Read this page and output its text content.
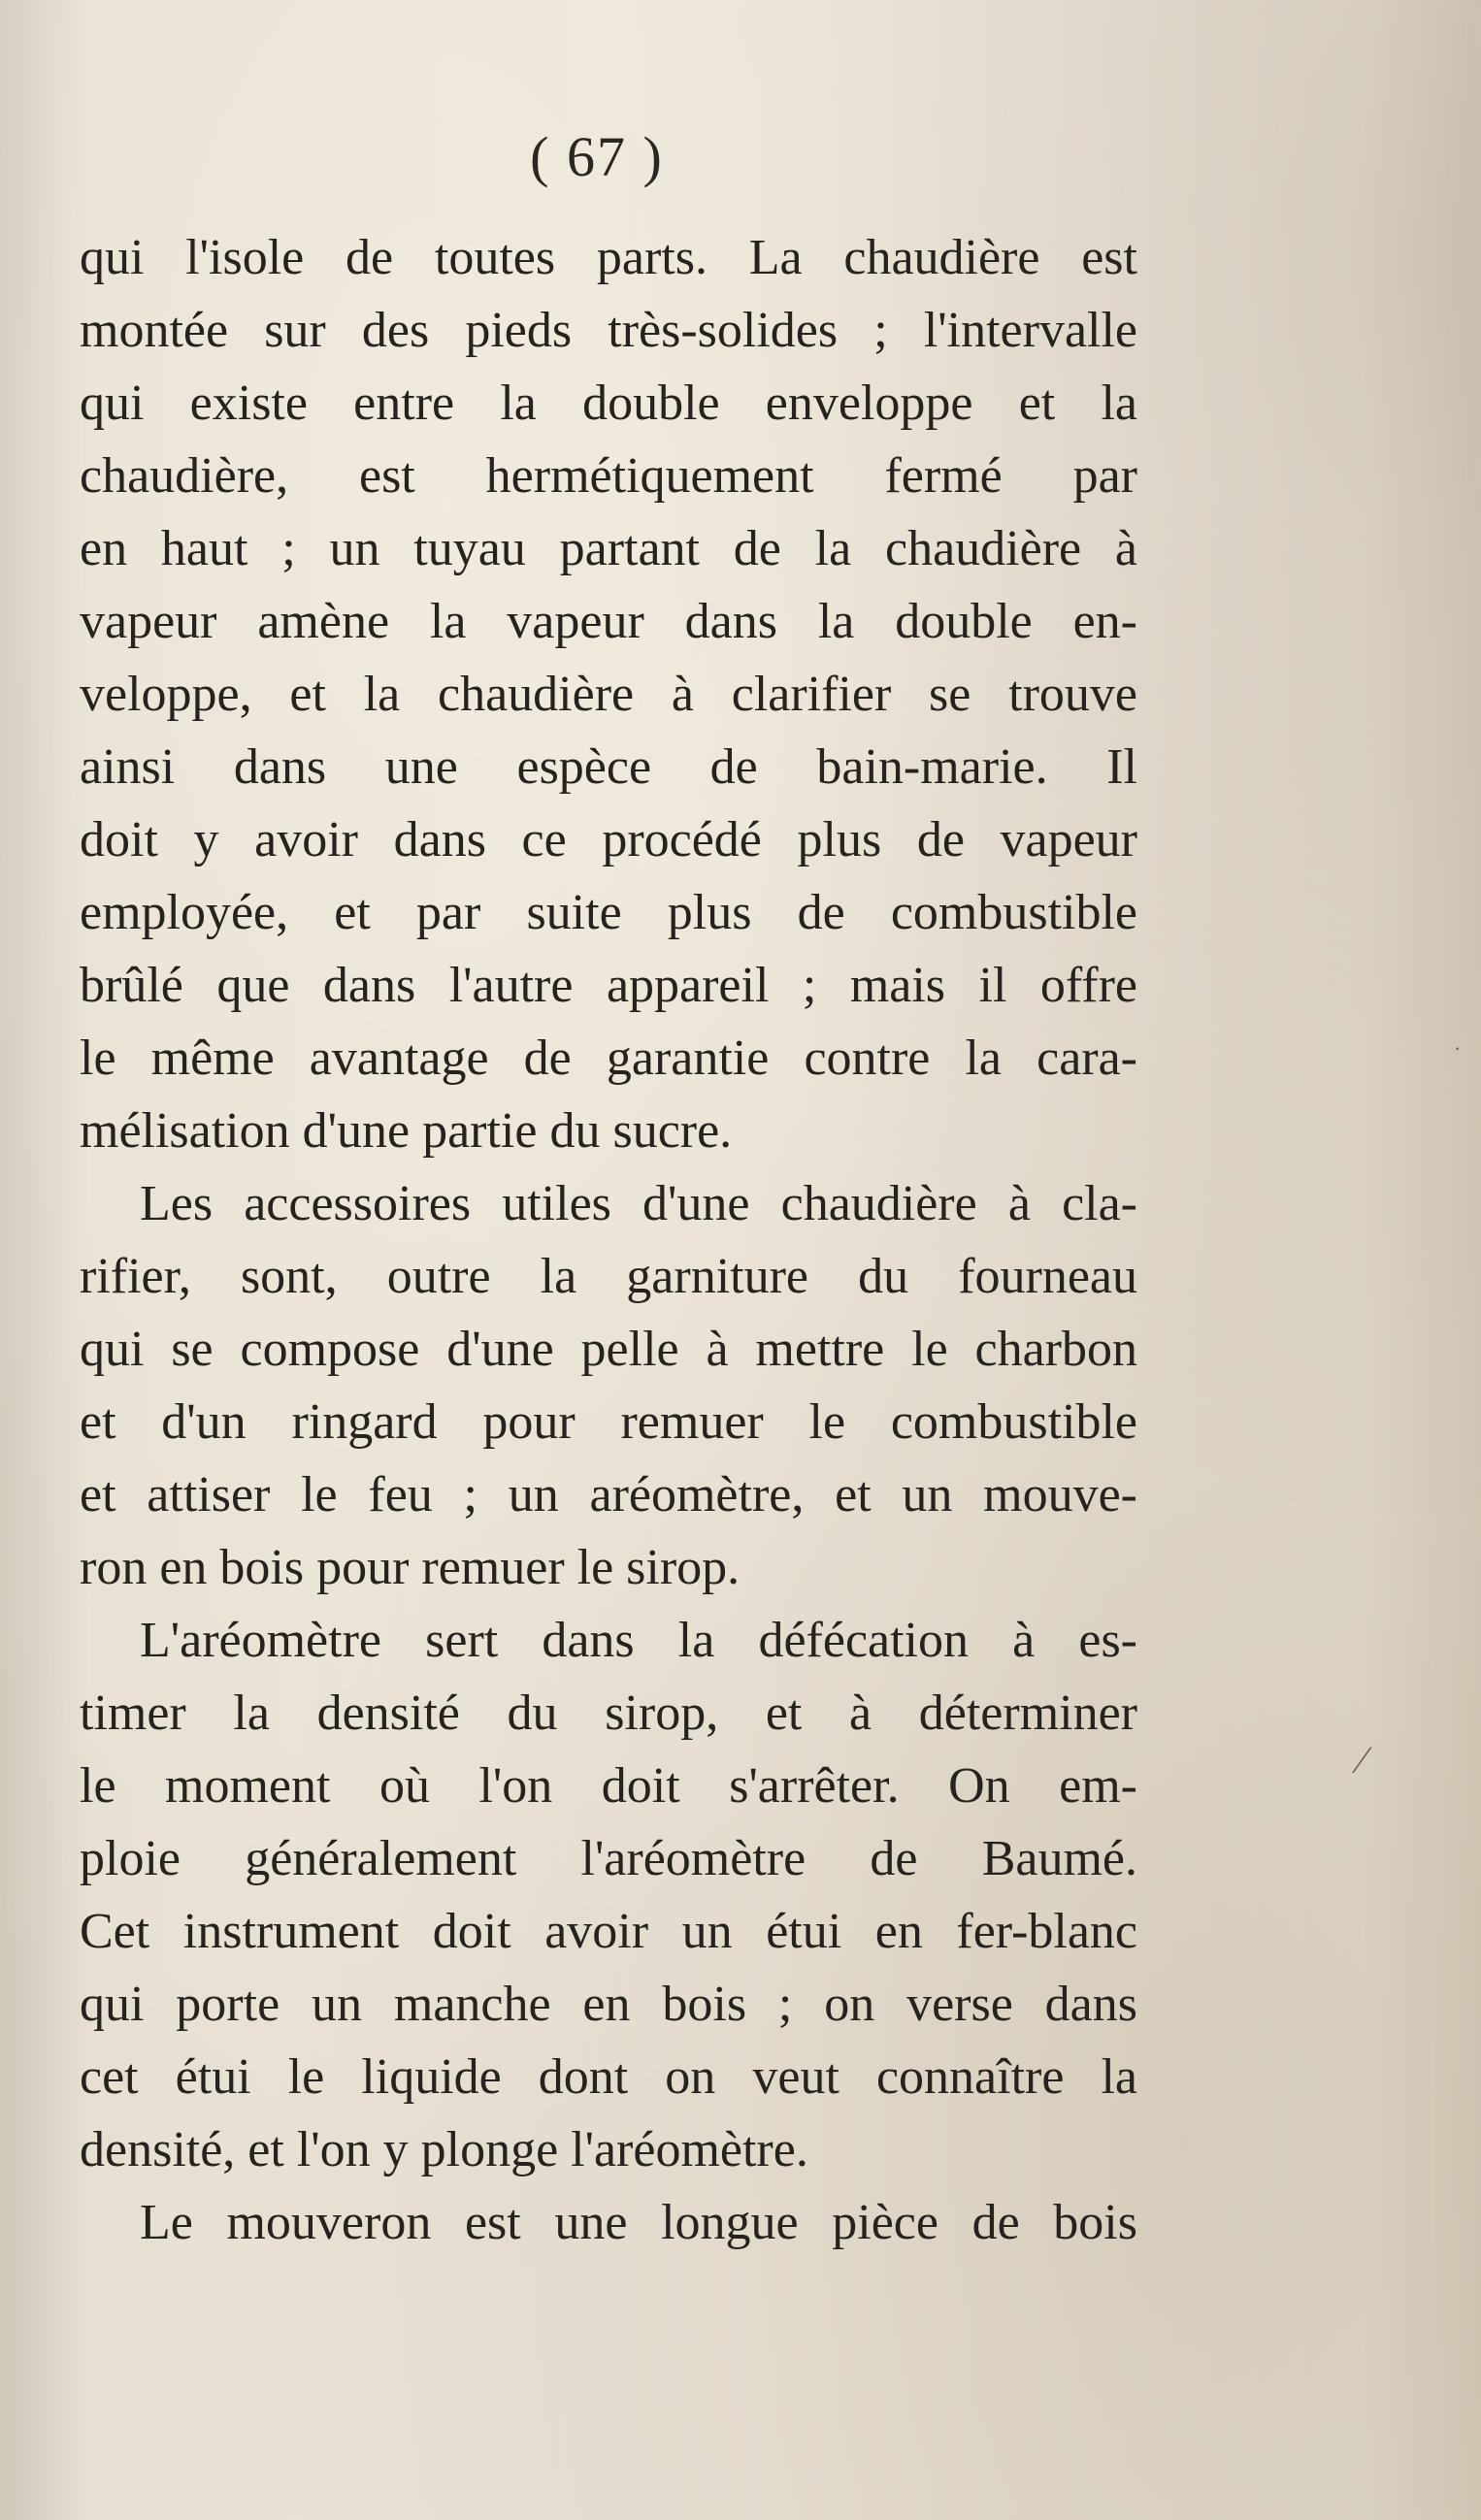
( 67 )
qui l'isole de toutes parts. La chaudière est
montée sur des pieds très-solides ; l'intervalle
qui existe entre la double enveloppe et la
chaudière, est hermétiquement fermé par
en haut ; un tuyau partant de la chaudière à
vapeur amène la vapeur dans la double en-
veloppe, et la chaudière à clarifier se trouve
ainsi dans une espèce de bain-marie. Il
doit y avoir dans ce procédé plus de vapeur
employée, et par suite plus de combustible
brûlé que dans l'autre appareil ; mais il offre
le même avantage de garantie contre la cara-
mélisation d'une partie du sucre.
Les accessoires utiles d'une chaudière à cla-
rifier, sont, outre la garniture du fourneau
qui se compose d'une pelle à mettre le charbon
et d'un ringard pour remuer le combustible
et attiser le feu ; un aréomètre, et un mouve-
ron en bois pour remuer le sirop.
L'aréomètre sert dans la défécation à es-
timer la densité du sirop, et à déterminer
le moment où l'on doit s'arrêter. On em-
ploie généralement l'aréomètre de Baumé.
Cet instrument doit avoir un étui en fer-blanc
qui porte un manche en bois ; on verse dans
cet étui le liquide dont on veut connaître la
densité, et l'on y plonge l'aréomètre.
Le mouveron est une longue pièce de bois
⁄
·
